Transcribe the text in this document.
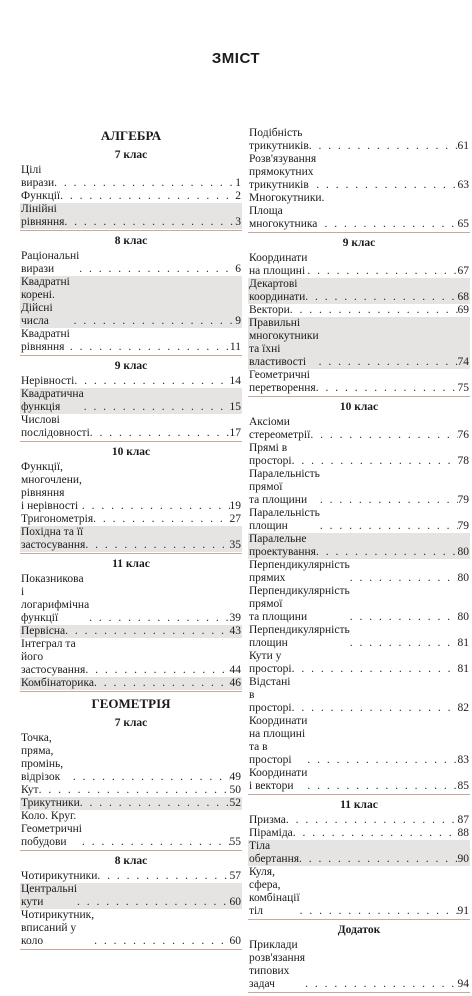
ЗМІСТ
АЛГЕБРА
7 клас
Цілі вирази . . .	1
Функції . . .	2
Лінійні рівняння . . .	3
8 клас
Раціональні вирази . . .	6
Квадратні корені. Дійсні числа . . .	9
Квадратні рівняння . . .	11
9 клас
Нерівності . . .	14
Квадратична функція . . .	15
Числові послідовності . . .	17
10 клас
Функції, многочлени, рівняння
і нерівності . . .	19
Тригонометрія . . .	27
Похідна та її застосування . . .	35
11 клас
Показникова і логарифмічна
функції . . .	39
Первісна . . .	43
Інтеграл та його застосування . . .	44
Комбінаторика . . .	46
ГЕОМЕТРІЯ
7 клас
Точка, пряма, промінь, відрізок . . .	49
Кут . . .	50
Трикутники . . .	52
Коло. Круг. Геометричні
побудови . . .	55
8 клас
Чотирикутники . . .	57
Центральні кути . . .	60
Чотирикутник,
вписаний у коло . . .	60
Подібність трикутників . . .	61
Розв'язування прямокутних
трикутників . . .	63
Многокутники. Площа
многокутника . . .	65
9 клас
Координати на площині . . .	67
Декартові координати . . .	68
Вектори . . .	69
Правильні многокутники та їхні
властивості . . .	74
Геометричні перетворення . . .	75
10 клас
Аксіоми стереометрії . . .	76
Прямі в просторі . . .	78
Паралельність прямої
та площини . . .	79
Паралельність площин . . .	79
Паралельне проектування . . .	80
Перпендикулярність прямих . . .	80
Перпендикулярність прямої
та площини . . .	80
Перпендикулярність площин . . .	81
Кути у просторі . . .	81
Відстані в просторі . . .	82
Координати на площині
та в просторі . . .	83
Координати і вектори . . .	85
11 клас
Призма . . .	87
Піраміда . . .	88
Тіла обертання . . .	90
Куля, сфера, комбінації тіл . . .	91
Додаток
Приклади розв'язання
типових задач . . .	94
